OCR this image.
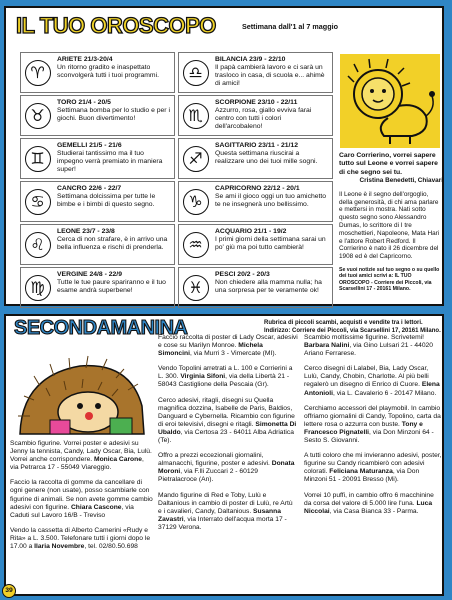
IL TUO OROSCOPO	Settimana dall'1 al 7 maggio
♈
ARIETE 21/3-20/4
Un ritorno gradito e inaspettato sconvolgerà tutti i tuoi programmi.	♎
BILANCIA 23/9 - 22/10
Il papà cambierà lavoro e ci sarà un trasloco in casa, di scuola e... ahimè di amici!
♉
TORO 21/4 - 20/5
Settimana bomba per lo studio e per i giochi. Buon divertimento!	♏
SCORPIONE 23/10 - 22/11
Azzurro, rosa, giallo evviva farai centro con tutti i colori dell'arcobaleno!
♊
GEMELLI 21/5 - 21/6
Studierai tantissimo ma il tuo impegno verrà premiato in maniera super!
♐
SAGITTARIO 23/11 - 21/12
Questa settimana riuscirai a realizzare uno dei tuoi mille sogni.
♋
CANCRO 22/6 - 22/7
Settimana dolcissima per tutte le bimbe e i bimbi di questo segno.	♑
CAPRICORNO 22/12 - 20/1
Se ami il gioco oggi un tuo amichetto te ne insegnerà uno bellissimo.
♌
LEONE 23/7 - 23/8
Cerca di non strafare, è in arrivo una bella influenza e rischi di prenderla.	♒
ACQUARIO 21/1 - 19/2
I primi giorni della settimana sarai un po' giù ma poi tutto cambierà!
♍
VERGINE 24/8 - 22/9
Tutte le tue paure spariranno e il tuo esame andrà superbene!	♓
PESCI 20/2 - 20/3
Non chiedere alla mamma nulla; ha una sorpresa per te veramente ok!
Caro Corrierino, vorrei sapere tutto sul Leone e vorrei sapere di che segno sei tu.
Cristina Benedetti, Chiavari
Il Leone è il segno dell'orgoglio, della generosità, di chi ama parlare e mettersi in mostra. Nati sotto questo segno sono Alessandro Dumas, lo scrittore di I tre moschettieri, Napoleone, Mata Hari e l'attore Robert Redford. Il Corrierino è nato il 26 dicembre del 1908 ed è del Capricorno.
Se vuoi notizie sul tuo segno o su quello dei tuoi amici scrivi a: IL TUO OROSCOPO - Corriere dei Piccoli, via Scarsellini 17 - 20161 Milano.
SECONDAMANINA	Rubrica di piccoli scambi, acquisti e vendite tra i lettori. Indirizzo: Corriere dei Piccoli, via Scarsellini 17, 20161 Milano.

Scambio figurine. Vorrei poster e adesivi su Jenny la tennista, Candy, Lady Oscar, Bia, Lulù. Vorrei anche corrispondere. Monica Carone, via Petrarca 17 - 55049 Viareggio.

Faccio la raccolta di gomme da cancellare di ogni genere (non usate), posso scambiarle con figurine di animali. Se non avete gomme cambio adesivi con figurine. Chiara Cascone, via Caduti sul Lavoro 16/B - Treviso

Vendo la cassetta di Alberto Camerini «Rudy e Rita» a L. 3.500. Telefonare tutti i giorni dopo le 17.00 a Ilaria Novembre, tel. 02/80.50.698

Faccio raccolta di poster di Lady Oscar, adesivi e cose su Marilyn Monroe. Michela Simoncini, via Murri 3 - Vimercate (MI).

Vendo Topolini arretrati a L. 100 e Corrierini a L. 300. Virginia Sifoni, via della Libertà 21 - 58043 Castiglione della Pescaia (Gr).

Cerco adesivi, ritagli, disegni su Quella magnifica dozzina, Isabelle de Paris, Baldios, Danguard e Cybernella. Ricambio con figurine di eroi televisivi, disegni e ritagli. Simonetta Di Ubaldo, via Certosa 23 - 64011 Alba Adriatica (Te).

Offro a prezzi eccezionali giornalini, almanacchi, figurine, poster e adesivi. Donata Moroni, via F.lli Zuccari 2 - 60129 Pietralacroce (An).

Mando figurine di Red e Toby, Lulù e Daltanious in cambio di poster di Lulù, re Artù e i cavalieri, Candy, Daltanious. Susanna Zavastri, via Interrato dell'acqua morta 17 - 37129 Verona.

Scambio moltissime figurine. Scrivetemi! Barbara Nalini, via Gino Lulsari 21 - 44020 Ariano Ferrarese.

Cerco disegni di Lalabel, Bia, Lady Oscar, Lulù, Candy, Chobin, Charlotte. Al più belli regalerò un disegno di Enrico di Cuore. Elena Antonioli, via L. Cavalerio 6 - 20147 Milano.

Cerchiamo accessori del playmobil. In cambio offriamo giornalini di Candy, Topolino, carta da lettere rosa o azzurra con buste. Tony e Francesco Pignatelli, via Don Minzoni 64 - Sesto S. Giovanni.

A tutti coloro che mi invieranno adesivi, poster, figurine su Candy ricambierò con adesivi colorati. Feliciana Maturanza, via Don Minzoni 51 - 20091 Bresso (Mi).

Vorrei 10 puffi, in cambio offro 6 macchinine da corsa del valore di 5.000 lire l'una. Luca Niccolai, via Casa Bianca 33 - Parma.

39
